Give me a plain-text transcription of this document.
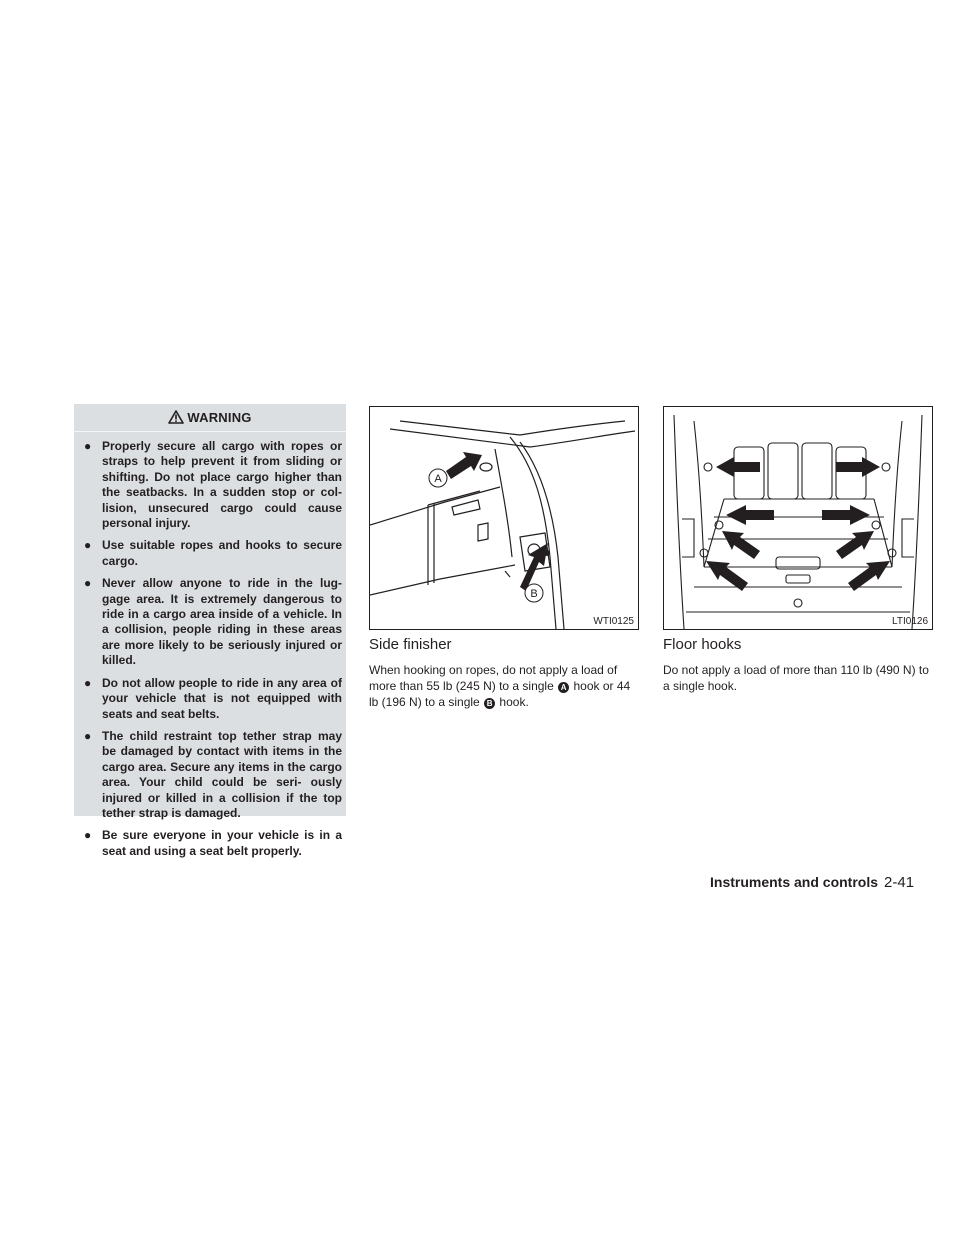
WARNING
● Properly secure all cargo with ropes or straps to help prevent it from sliding or shifting. Do not place cargo higher than the seatbacks. In a sudden stop or col- lision, unsecured cargo could cause personal injury.
● Use suitable ropes and hooks to secure cargo.
● Never allow anyone to ride in the lug- gage area. It is extremely dangerous to ride in a cargo area inside of a vehicle. In a collision, people riding in these areas are more likely to be seriously injured or killed.
● Do not allow people to ride in any area of your vehicle that is not equipped with seats and seat belts.
● The child restraint top tether strap may be damaged by contact with items in the cargo area. Secure any items in the cargo area. Your child could be seri- ously injured or killed in a collision if the top tether strap is damaged.
● Be sure everyone in your vehicle is in a seat and using a seat belt properly.
A
B
WTI0125	LTI0126
Side finisher

When hooking on ropes, do not apply a load of more than 55 lb (245 N) to a single A hook or 44 lb (196 N) to a single B hook.

Floor hooks

Do not apply a load of more than 110 lb (490 N) to a single hook.

Instruments and controls 2-41
